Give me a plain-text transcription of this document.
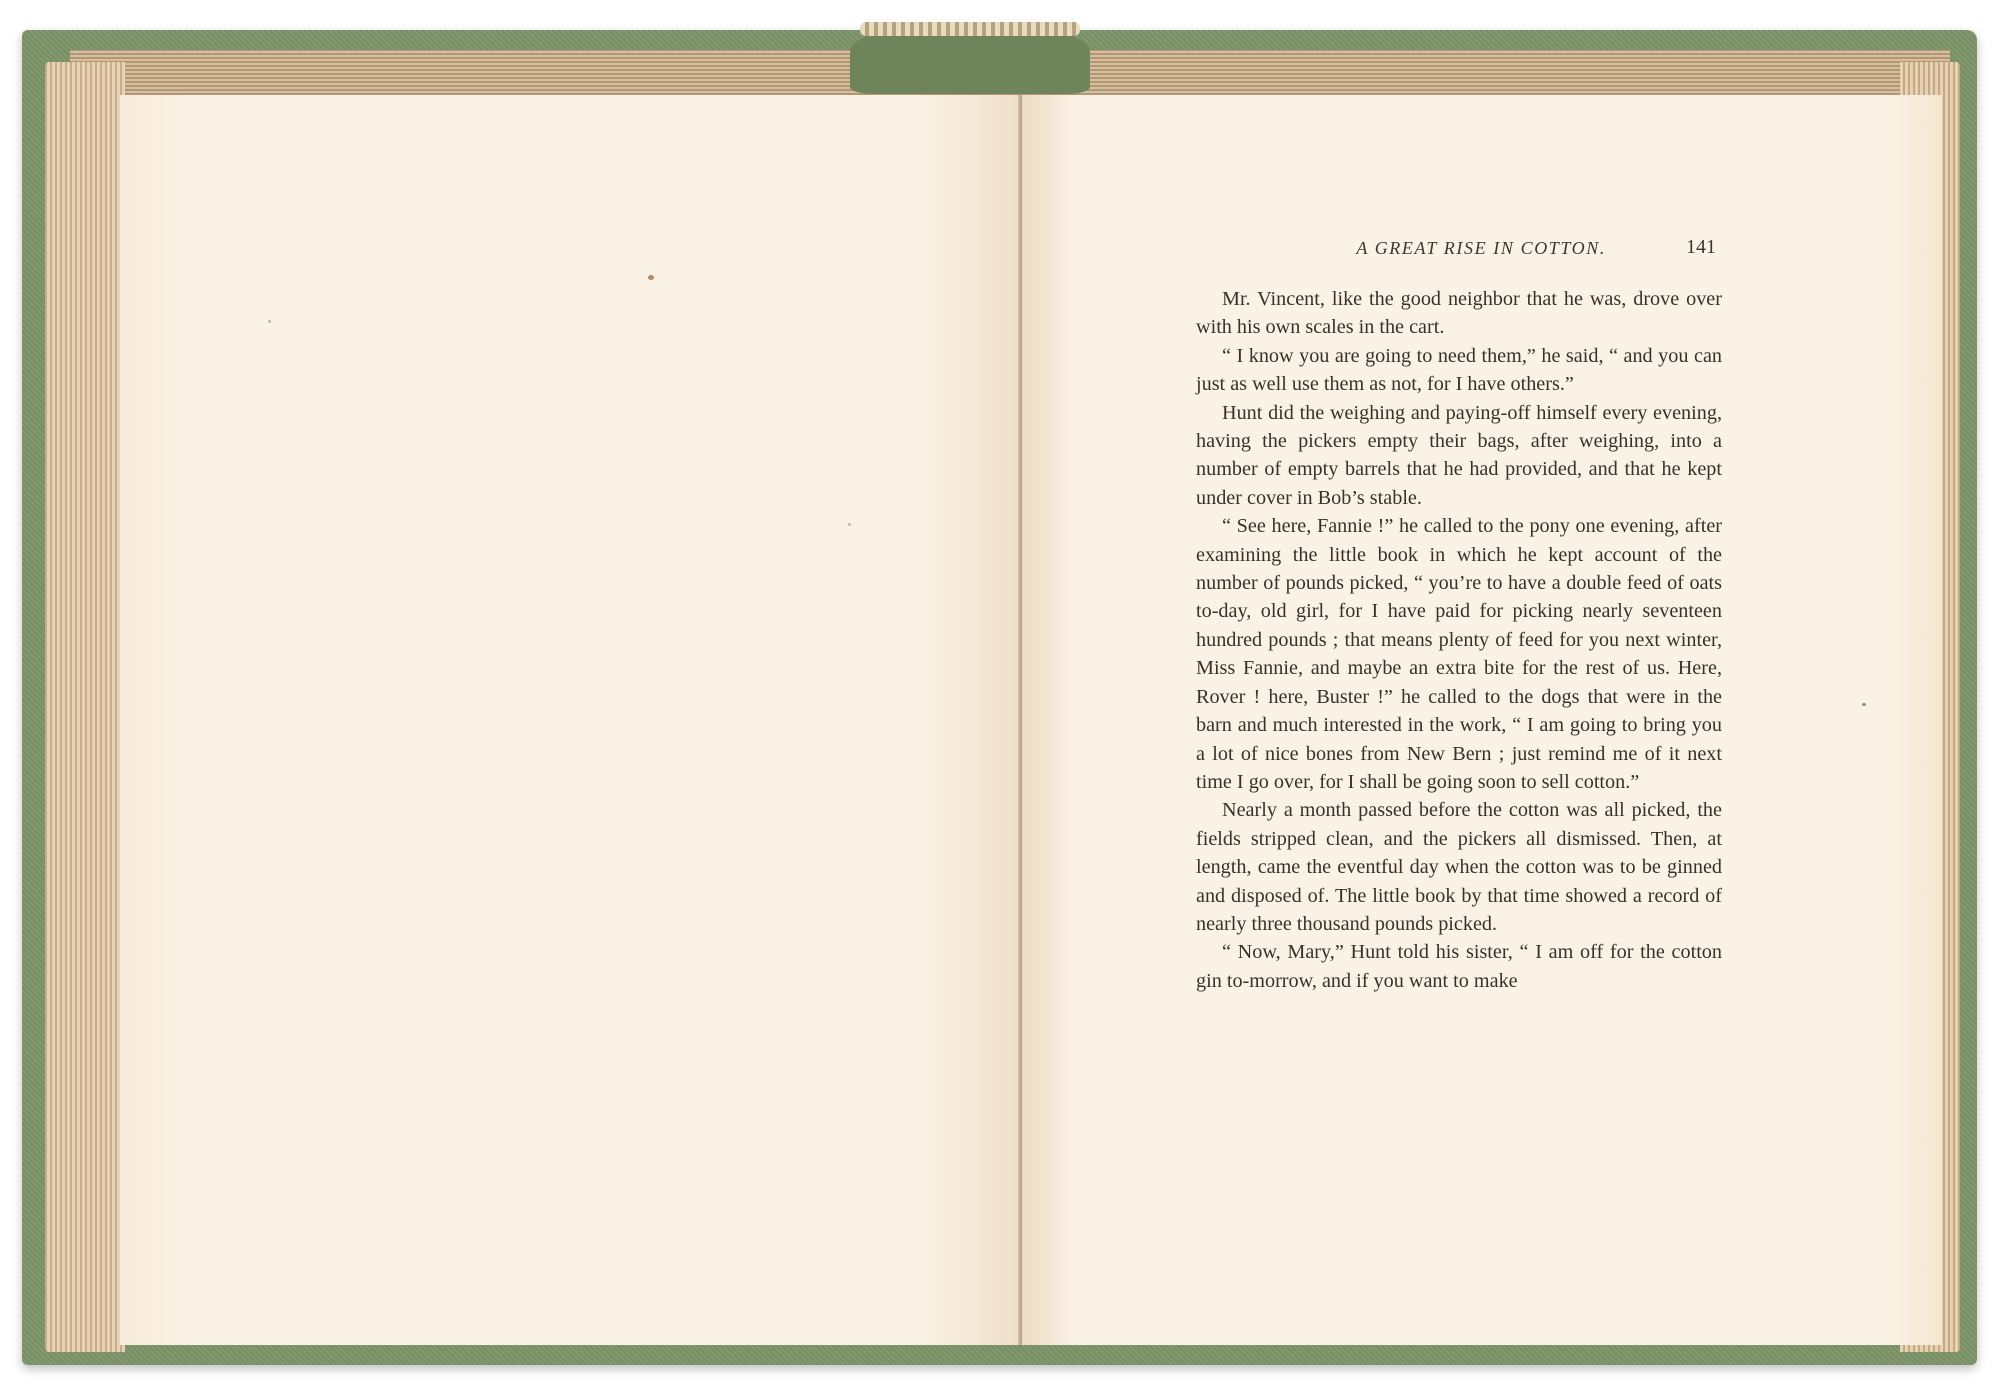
A GREAT RISE IN COTTON.	141

Mr. Vincent, like the good neighbor that he was, drove over with his own scales in the cart.

“ I know you are going to need them,” he said, “ and you can just as well use them as not, for I have others.”

Hunt did the weighing and paying-off himself every evening, having the pickers empty their bags, after weighing, into a number of empty barrels that he had provided, and that he kept under cover in Bob’s stable.

“ See here, Fannie !” he called to the pony one evening, after examining the little book in which he kept account of the number of pounds picked, “ you’re to have a double feed of oats to-day, old girl, for I have paid for picking nearly seventeen hundred pounds ; that means plenty of feed for you next winter, Miss Fannie, and maybe an extra bite for the rest of us. Here, Rover ! here, Buster !” he called to the dogs that were in the barn and much interested in the work, “ I am going to bring you a lot of nice bones from New Bern ; just remind me of it next time I go over, for I shall be going soon to sell cotton.”

Nearly a month passed before the cotton was all picked, the fields stripped clean, and the pickers all dismissed. Then, at length, came the eventful day when the cotton was to be ginned and disposed of. The little book by that time showed a record of nearly three thousand pounds picked.

“ Now, Mary,” Hunt told his sister, “ I am off for the cotton gin to-morrow, and if you want to make
